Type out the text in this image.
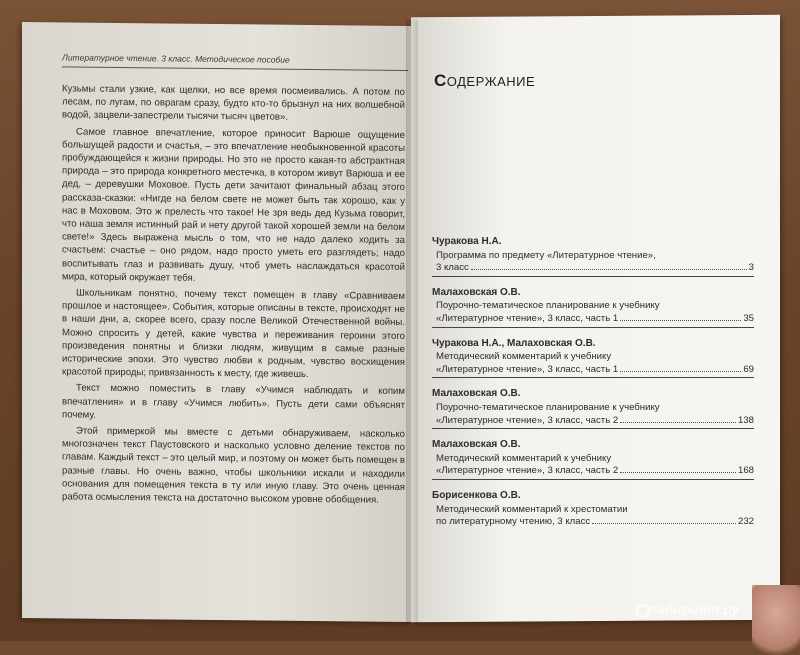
Литературное чтение. 3 класс. Методическое пособие

Кузьмы стали узкие, как щелки, но все время посмеивались. А потом по лесам, по лугам, по оврагам сразу, будто кто-то брызнул на них волшебной водой, зацвели-запестрели тысячи тысяч цветов».

Самое главное впечатление, которое приносит Варюше ощущение большущей радости и счастья, – это впечатление необыкновенной красоты пробуждающейся к жизни природы. Но это не просто какая-то абстрактная природа – это природа конкретного местечка, в котором живут Варюша и ее дед, – деревушки Моховое. Пусть дети зачитают финальный абзац этого рассказа-сказки: «Нигде на белом свете не может быть так хорошо, как у нас в Моховом. Это ж прелесть что такое! Не зря ведь дед Кузьма говорит, что наша земля истинный рай и нету другой такой хорошей земли на белом свете!» Здесь выражена мысль о том, что не надо далеко ходить за счастьем: счастье – оно рядом, надо просто уметь его разглядеть; надо воспитывать глаз и развивать душу, чтоб уметь наслаждаться красотой мира, который окружает тебя.

Школьникам понятно, почему текст помещен в главу «Сравниваем прошлое и настоящее». События, которые описаны в тексте, происходят не в наши дни, а, скорее всего, сразу после Великой Отечественной войны. Можно спросить у детей, какие чувства и переживания героини этого произведения понятны и близки людям, живущим в самые разные исторические эпохи. Это чувство любви к родным, чувство восхищения красотой природы; привязанность к месту, где живешь.

Текст можно поместить в главу «Учимся наблюдать и копим впечатления» и в главу «Учимся любить». Пусть дети сами объяснят почему.

Этой примеркой мы вместе с детьми обнаруживаем, насколько многозначен текст Паустовского и насколько условно деление текстов по главам. Каждый текст – это целый мир, и поэтому он может быть помещен в разные главы. Но очень важно, чтобы школьники искали и находили основания для помещения текста в ту или иную главу. Это очень ценная работа осмысления текста на достаточно высоком уровне обобщения.

СОДЕРЖАНИЕ
Чуракова Н.А.
Программа по предмету «Литературное чтение»,
3 класс	3
Малаховская О.В.
Поурочно-тематическое планирование к учебнику
«Литературное чтение», 3 класс, часть 1	35
Чуракова Н.А., Малаховская О.В.
Методический комментарий к учебнику
«Литературное чтение», 3 класс, часть 1	69
Малаховская О.В.
Поурочно-тематическое планирование к учебнику
«Литературное чтение», 3 класс, часть 2	138
Малаховская О.В.
Методический комментарий к учебнику
«Литературное чтение», 3 класс, часть 2	168
Борисенкова О.В.
Методический комментарий к хрестоматии
по литературному чтению, 3 класс	232
лабиринт.ру
